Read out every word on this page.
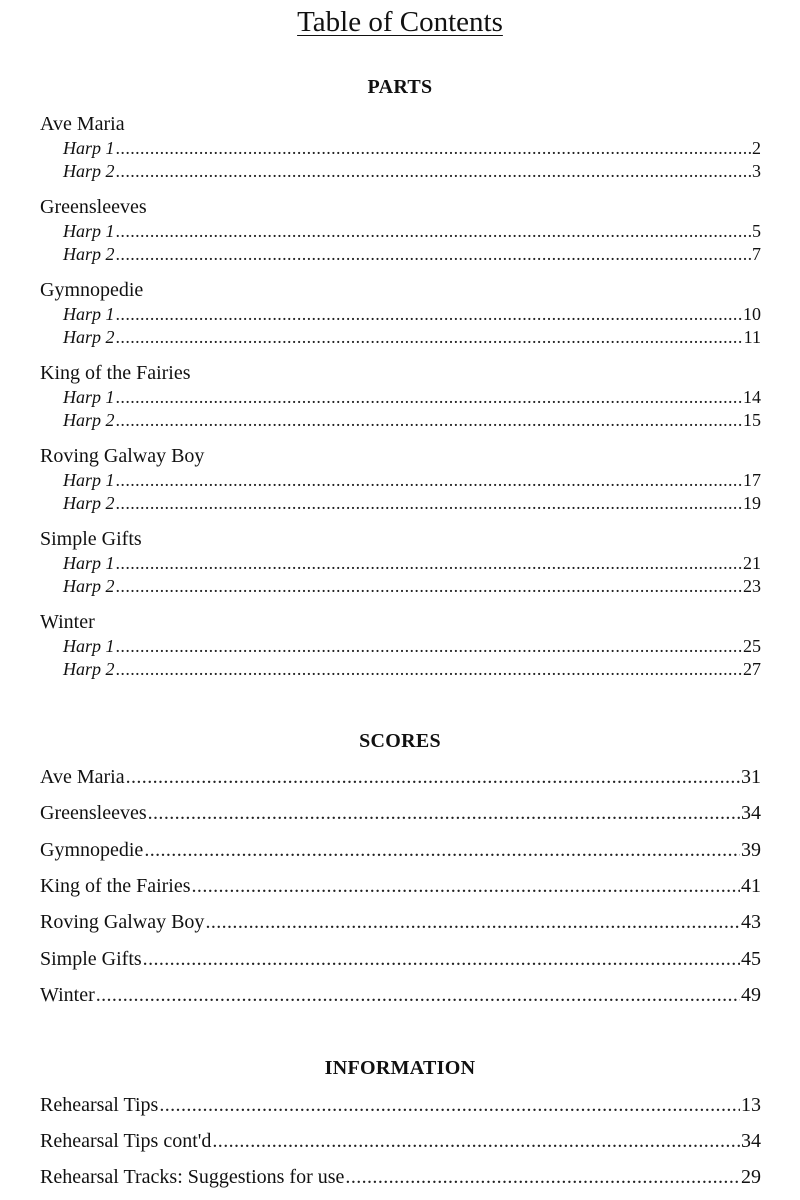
Table of Contents
PARTS
Ave Maria
Harp 1 .....	2
Harp 2 .....	3
Greensleeves
Harp 1 .....	5
Harp 2 .....	7
Gymnopedie
Harp 1 .....	10
Harp 2 .....	11
King of the Fairies
Harp 1 .....	14
Harp 2 .....	15
Roving Galway Boy
Harp 1 .....	17
Harp 2 .....	19
Simple Gifts
Harp 1 .....	21
Harp 2 .....	23
Winter
Harp 1 .....	25
Harp 2 .....	27
SCORES
Ave Maria .....	31
Greensleeves .....	34
Gymnopedie .....	39
King of the Fairies .....	41
Roving Galway Boy .....	43
Simple Gifts .....	45
Winter .....	49
INFORMATION
Rehearsal Tips .....	13
Rehearsal Tips cont'd .....	34
Rehearsal Tracks: Suggestions for use .....	29
